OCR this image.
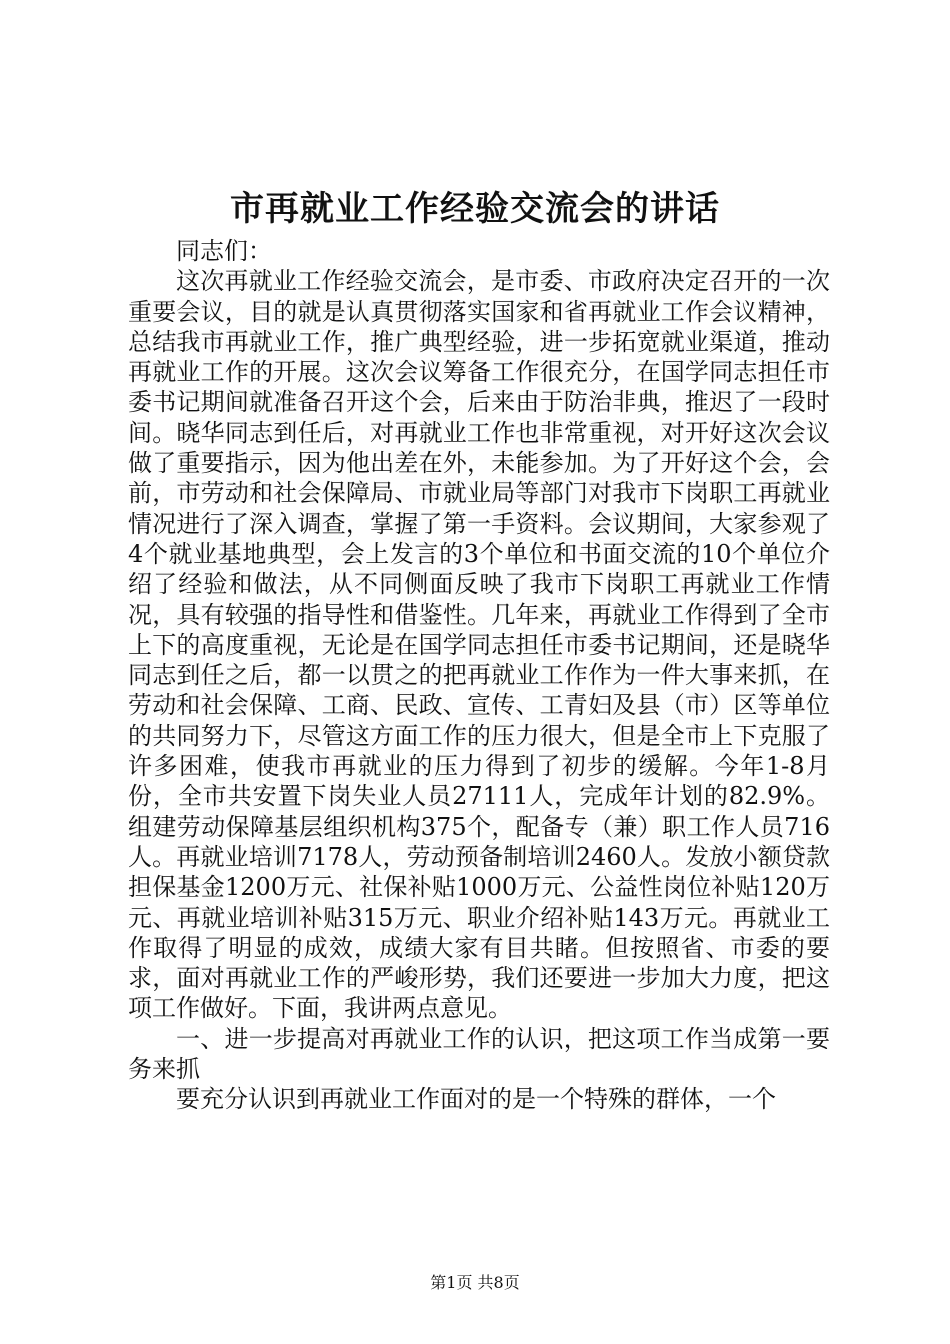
市再就业工作经验交流会的讲话

同志们：

这次再就业工作经验交流会，是市委、市政府决定召开的一次重要会议，目的就是认真贯彻落实国家和省再就业工作会议精神，总结我市再就业工作，推广典型经验，进一步拓宽就业渠道，推动再就业工作的开展。这次会议筹备工作很充分，在国学同志担任市委书记期间就准备召开这个会，后来由于防治非典，推迟了一段时间。晓华同志到任后，对再就业工作也非常重视，对开好这次会议做了重要指示，因为他出差在外，未能参加。为了开好这个会，会前，市劳动和社会保障局、市就业局等部门对我市下岗职工再就业情况进行了深入调查，掌握了第一手资料。会议期间，大家参观了4个就业基地典型，会上发言的3个单位和书面交流的10个单位介绍了经验和做法，从不同侧面反映了我市下岗职工再就业工作情况，具有较强的指导性和借鉴性。几年来，再就业工作得到了全市上下的高度重视，无论是在国学同志担任市委书记期间，还是晓华同志到任之后，都一以贯之的把再就业工作作为一件大事来抓，在劳动和社会保障、工商、民政、宣传、工青妇及县（市）区等单位的共同努力下，尽管这方面工作的压力很大，但是全市上下克服了许多困难，使我市再就业的压力得到了初步的缓解。今年1-8月份，全市共安置下岗失业人员27111人，完成年计划的82.9%。组建劳动保障基层组织机构375个，配备专（兼）职工作人员716人。再就业培训7178人，劳动预备制培训2460人。发放小额贷款担保基金1200万元、社保补贴1000万元、公益性岗位补贴120万元、再就业培训补贴315万元、职业介绍补贴143万元。再就业工作取得了明显的成效，成绩大家有目共睹。但按照省、市委的要求，面对再就业工作的严峻形势，我们还要进一步加大力度，把这项工作做好。下面，我讲两点意见。

一、进一步提高对再就业工作的认识，把这项工作当成第一要务来抓

要充分认识到再就业工作面对的是一个特殊的群体，一个

第1页 共8页
